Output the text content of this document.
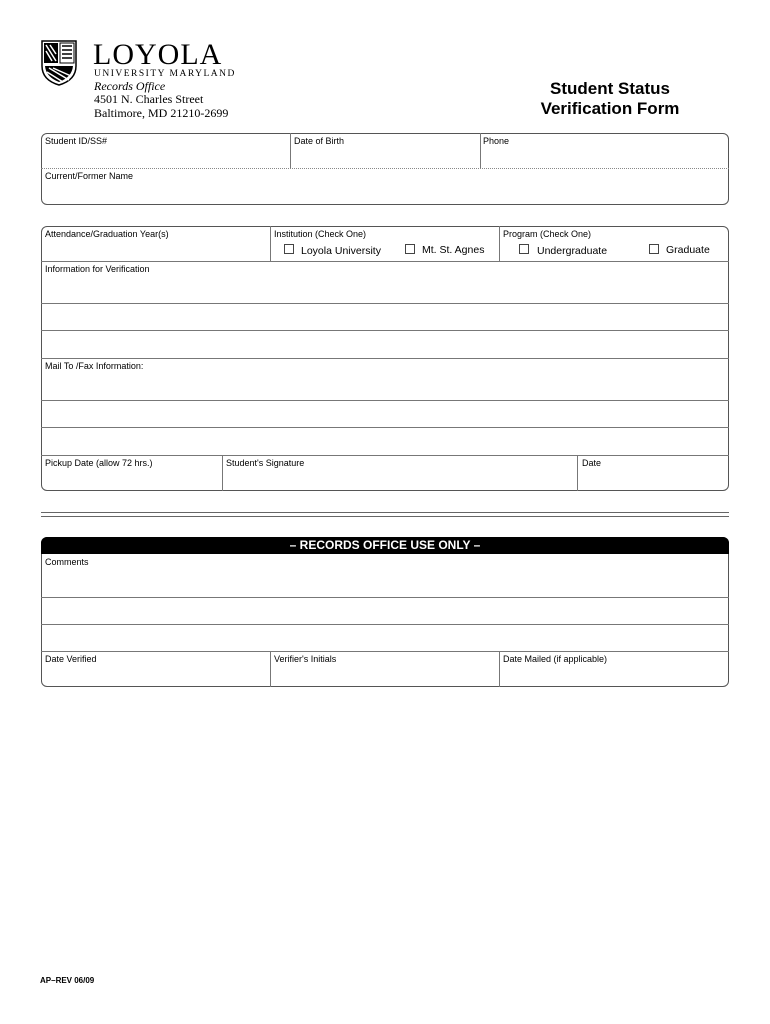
LOYOLA
UNIVERSITY MARYLAND
Records Office
4501 N. Charles Street
Baltimore, MD 21210-2699
Student Status
Verification Form
Student ID/SS#	Date of Birth	Phone
Current/Former Name
Attendance/Graduation Year(s)	Institution (Check One)	Program (Check One)
Loyola University	Mt. St. Agnes	Undergraduate	Graduate
Information for Verification
Mail To /Fax Information:
Pickup Date (allow 72 hrs.)	Student's Signature	Date
– RECORDS OFFICE USE ONLY –
Comments
Date Verified	Verifier's Initials	Date Mailed (if applicable)
AP–REV 06/09
